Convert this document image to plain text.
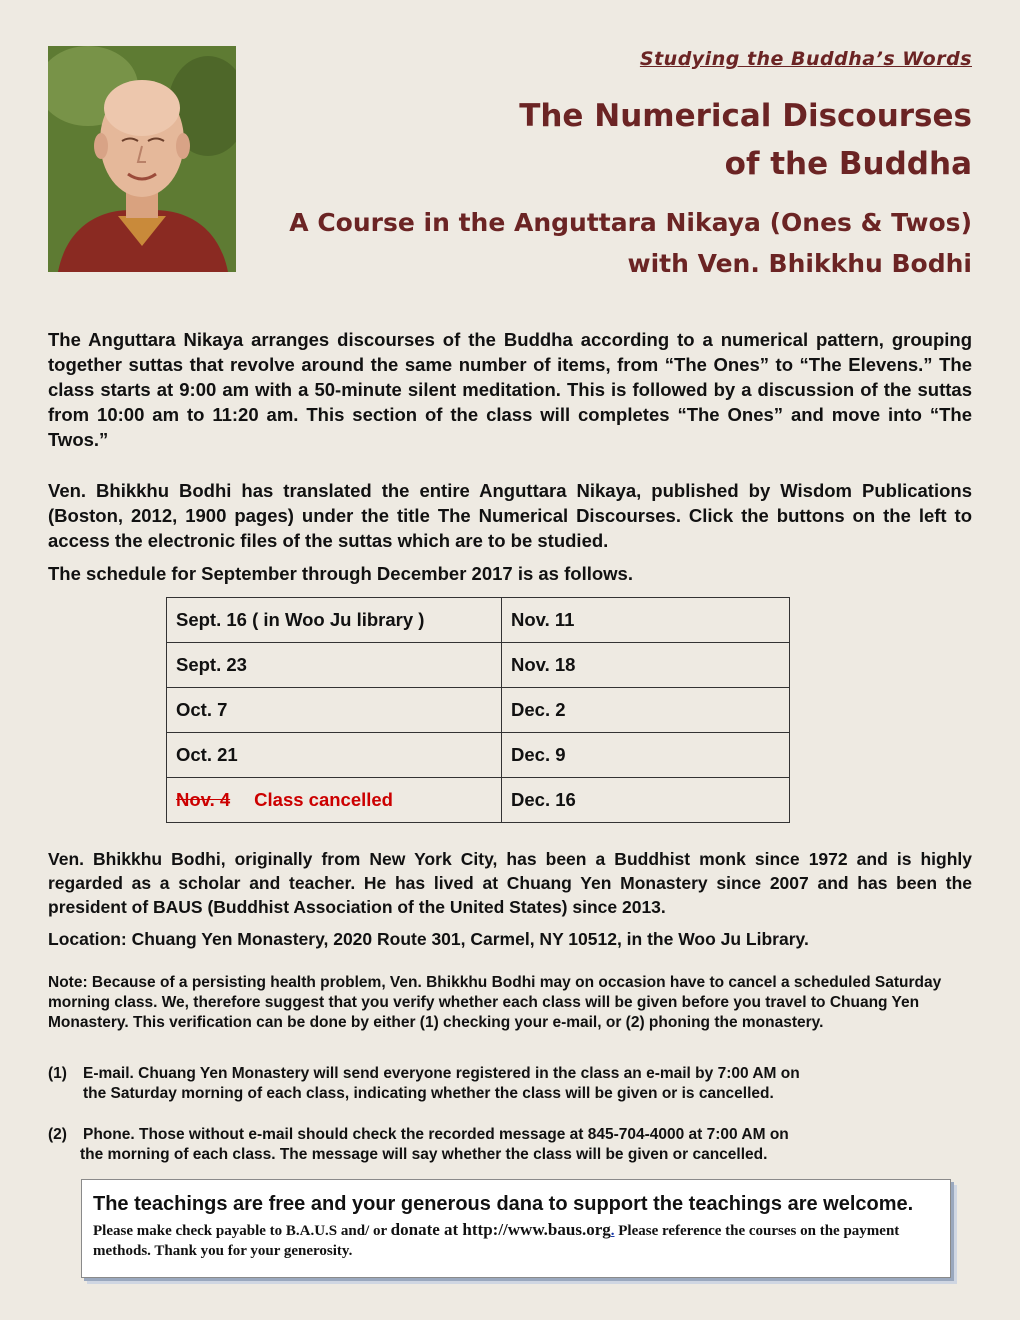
Studying the Buddha’s Words
The Numerical Discourses
of the Buddha
A Course in the Anguttara Nikaya (Ones & Twos)
with Ven. Bhikkhu Bodhi

The Anguttara Nikaya arranges discourses of the Buddha according to a numerical pattern, grouping together suttas that revolve around the same number of items, from “The Ones” to “The Elevens.” The class starts at 9:00 am with a 50-minute silent meditation. This is followed by a discussion of the suttas from 10:00 am to 11:20 am. This section of the class will completes “The Ones” and move into “The Twos.”

Ven. Bhikkhu Bodhi has translated the entire Anguttara Nikaya, published by Wisdom Publications (Boston, 2012, 1900 pages) under the title The Numerical Discourses. Click the buttons on the left to access the electronic files of the suttas which are to be studied.

The schedule for September through December 2017 is as follows.
Sept. 16 ( in Woo Ju library )	Nov. 11
Sept. 23	Nov. 18
Oct. 7	Dec. 2
Oct. 21	Dec. 9
Nov. 4 Class cancelled	Dec. 16

Ven. Bhikkhu Bodhi, originally from New York City, has been a Buddhist monk since 1972 and is highly regarded as a scholar and teacher. He has lived at Chuang Yen Monastery since 2007 and has been the president of BAUS (Buddhist Association of the United States) since 2013.

Location: Chuang Yen Monastery, 2020 Route 301, Carmel, NY 10512, in the Woo Ju Library.

Note: Because of a persisting health problem, Ven. Bhikkhu Bodhi may on occasion have to cancel a scheduled Saturday morning class. We, therefore suggest that you verify whether each class will be given before you travel to Chuang Yen Monastery. This verification can be done by either (1) checking your e-mail, or (2) phoning the monastery.

(1) E-mail. Chuang Yen Monastery will send everyone registered in the class an e-mail by 7:00 AM on
the Saturday morning of each class, indicating whether the class will be given or is cancelled.
(2) Phone. Those without e-mail should check the recorded message at 845-704-4000 at 7:00 AM on
the morning of each class. The message will say whether the class will be given or cancelled.
The teachings are free and your generous dana to support the teachings are welcome.
Please make check payable to B.A.U.S and/ or donate at http://www.baus.org. Please reference the courses on the payment methods. Thank you for your generosity.
